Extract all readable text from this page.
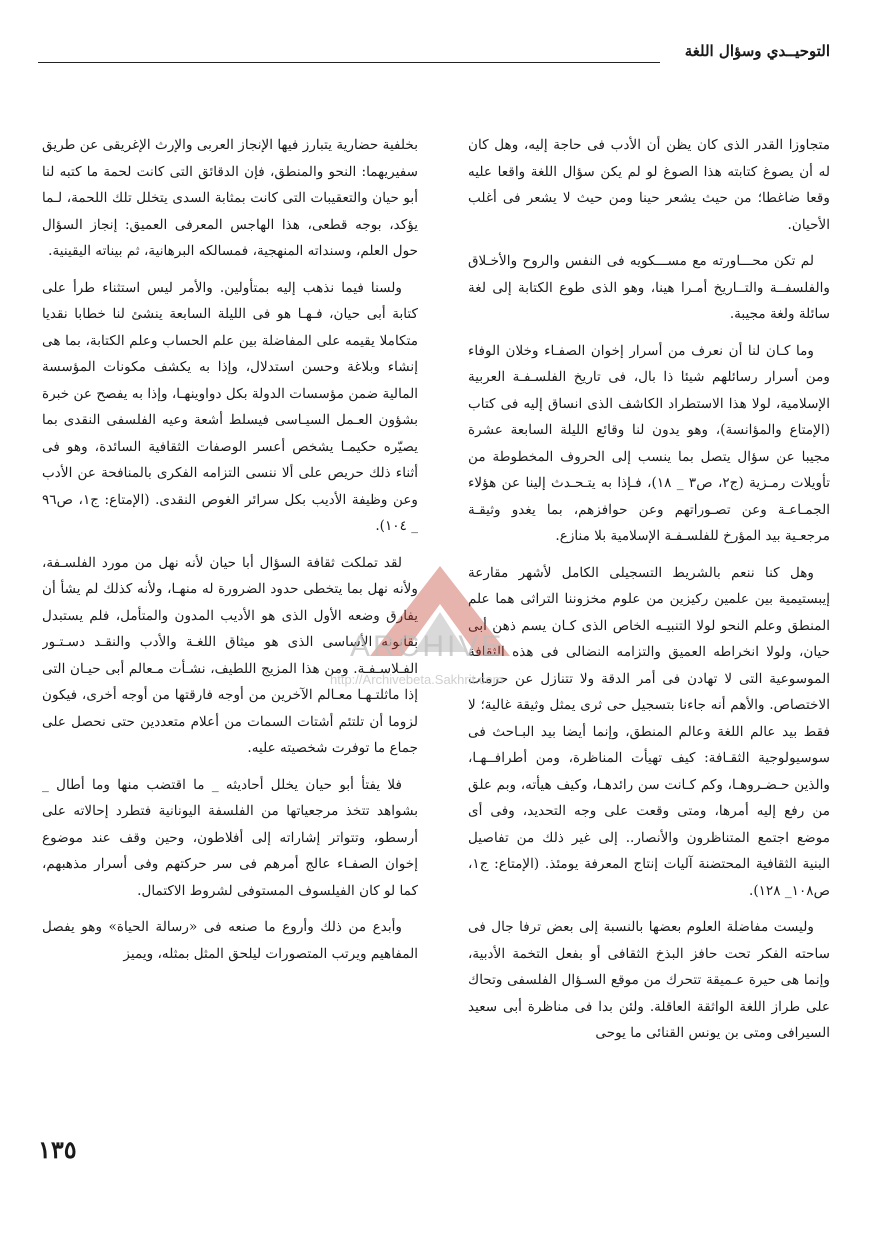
التوحيــدي وسؤال اللغة

متجاوزا القدر الذى كان يظن أن الأدب فى حاجة إليه، وهل كان له أن يصوغ كتابته هذا الصوغ لو لم يكن سؤال اللغة واقعا عليه وقعا ضاغطا؛ من حيث يشعر حينا ومن حيث لا يشعر فى أغلب الأحيان.

لم تكن محـــاورته مع مســـكويه فى النفس والروح والأخـلاق والفلسفــة والتــاريخ أمـرا هينا، وهو الذى طوع الكتابة إلى لغة سائلة ولغة مجيبة.

وما كـان لنا أن نعرف من أسرار إخوان الصفـاء وخلان الوفاء ومن أسرار رسائلهم شيئا ذا بال، فى تاريخ الفلسـفـة العربية الإسلامية، لولا هذا الاستطراد الكاشف الذى انساق إليه فى كتاب (الإمتاع والمؤانسة)، وهو يدون لنا وقائع الليلة السابعة عشرة مجيبا عن سؤال يتصل بما ينسب إلى الحروف المخطوطة من تأويلات رمـزية (ج٢، ص٣ _ ١٨)، فـإذا به يتـحـدث إلينا عن هؤلاء الجمـاعـة وعن تصـوراتهم وعن حوافزهم، بما يغدو وثيقـة مرجعـية بيد المؤرخ للفلسـفـة الإسلامية بلا منازع.

وهل كنا ننعم بالشريط التسجيلى الكامل لأشهر مقارعة إيبستيمية بين علمين ركيزين من علوم مخزوننا التراثى هما علم المنطق وعلم النحو لولا التنبيـه الخاص الذى كـان يسم ذهن أبى حيان، ولولا انخراطه العميق والتزامه النضالى فى هذه الثقافة الموسوعية التى لا تهادن فى أمر الدقة ولا تتنازل عن حرمات الاختصاص. والأهم أنه جاءنا بتسجيل حى ثرى يمثل وثيقة غالية؛ لا فقط بيد عالم اللغة وعالم المنطق، وإنما أيضا بيد البـاحث فى سوسيولوجية الثقـافة: كيف تهيأت المناظرة، ومن أطرافــهـا، والذين حـضـروهـا، وكم كـانت سن رائدهـا، وكيف هيأته، وبم علق من رفع إليه أمرها، ومتى وقعت على وجه التحديد، وفى أى موضع اجتمع المتناظرون والأنصار.. إلى غير ذلك من تفاصيل البنية الثقافية المحتضنة آليات إنتاج المعرفة يومئذ. (الإمتاع: ج١، ص١٠٨_ ١٢٨).

وليست مفاضلة العلوم بعضها بالنسبة إلى بعض ترفا جال فى ساحته الفكر تحت حافز البذخ الثقافى أو بفعل التخمة الأدبية، وإنما هى حيرة عـميقة تتحرك من موقع السـؤال الفلسفى وتحاك على طراز اللغة الواثقة العاقلة. ولئن بدا فى مناظرة أبى سعيد السيرافى ومتى بن يونس القنائى ما يوحى

بخلفية حضارية يتبارز فيها الإنجاز العربى والإرث الإغريقى عن طريق سفيريهما: النحو والمنطق، فإن الدقائق التى كانت لحمة ما كتبه لنا أبو حيان والتعقيبات التى كانت بمثابة السدى يتخلل تلك اللحمة، لـما يؤكد، بوجه قطعى، هذا الهاجس المعرفى العميق: إنجاز السؤال حول العلم، وسنداته المنهجية، فمسالكه البرهانية، ثم بيناته اليقينية.

ولسنا فيما نذهب إليه بمتأولين. والأمر ليس استثناء طرأ على كتابة أبى حيان، فـهـا هو فى الليلة السابعة ينشئ لنا خطابا نقديا متكاملا يقيمه على المفاضلة بين علم الحساب وعلم الكتابة، بما هى إنشاء وبلاغة وحسن استدلال، وإذا به يكشف مكونات المؤسسة المالية ضمن مؤسسات الدولة بكل دواوينهـا، وإذا به يفصح عن خبرة بشؤون العـمل السيـاسى فيسلط أشعة وعيه الفلسفى النقدى بما يصيّره حكيمـا يشخص أعسر الوصفات الثقافية السائدة، وهو فى أثناء ذلك حريص على ألا ننسى التزامه الفكرى بالمنافحة عن الأدب وعن وظيفة الأديب بكل سرائر الغوص النقدى. (الإمتاع: ج١، ص٩٦ _ ١٠٤).

لقد تملكت ثقافة السؤال أبا حيان لأنه نهل من مورد الفلسـفة، ولأنه نهل بما يتخطى حدود الضرورة له منهـا، ولأنه كذلك لم يشأ أن يفارق وضعه الأول الذى هو الأديب المدون والمتأمل، فلم يستبدل بقانونه الأساسى الذى هو ميثاق اللغـة والأدب والنقـد دسـتـور الفـلاسـفـة. ومن هذا المزيج اللطيف، نشـأت مـعالم أبى حيـان التى إذا ماثلتـهـا معـالم الآخرين من أوجه فارقتها من أوجه أخرى، فيكون لزوما أن تلتئم أشتات السمات من أعلام متعددين حتى نحصل على جماع ما توفرت شخصيته عليه.

فلا يفتأ أبو حيان يخلل أحاديثه _ ما اقتضب منها وما أطال _ بشواهد تتخذ مرجعياتها من الفلسفة اليونانية فتطرد إحالاته على أرسطو، وتتواتر إشاراته إلى أفلاطون، وحين وقف عند موضوع إخوان الصفـاء عالج أمرهم فى سر حركتهم وفى أسرار مذهبهم، كما لو كان الفيلسوف المستوفى لشروط الاكتمال.

وأبدع من ذلك وأروع ما صنعه فى «رسالة الحياة» وهو يفصل المفاهيم ويرتب المتصورات ليلحق المثل بمثله، ويميز

ARCHIVE
http://Archivebeta.Sakhrit.com
١٣٥
